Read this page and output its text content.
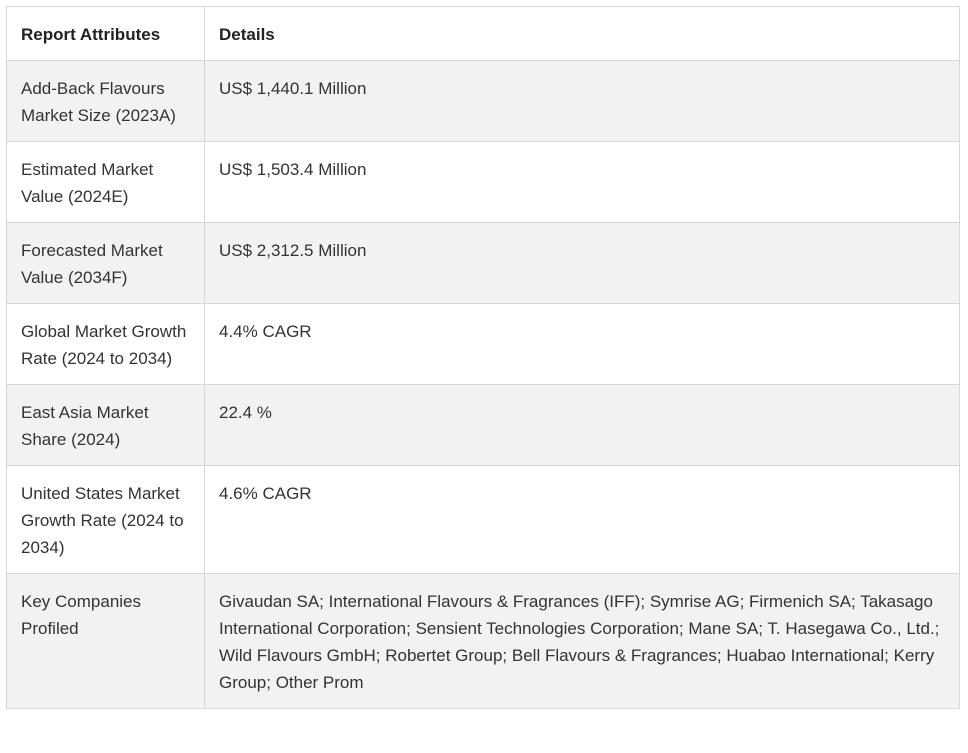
Report Attributes	Details
Add-Back Flavours Market Size (2023A)	US$ 1,440.1 Million
Estimated Market Value (2024E)	US$ 1,503.4 Million
Forecasted Market Value (2034F)	US$ 2,312.5 Million
Global Market Growth Rate (2024 to 2034)	4.4% CAGR
East Asia Market Share (2024)	22.4 %
United States Market Growth Rate (2024 to 2034)	4.6% CAGR
Key Companies Profiled	Givaudan SA; International Flavours & Fragrances (IFF); Symrise AG; Firmenich SA; Takasago International Corporation; Sensient Technologies Corporation; Mane SA; T. Hasegawa Co., Ltd.; Wild Flavours GmbH; Robertet Group; Bell Flavours & Fragrances; Huabao International; Kerry Group; Other Prom
